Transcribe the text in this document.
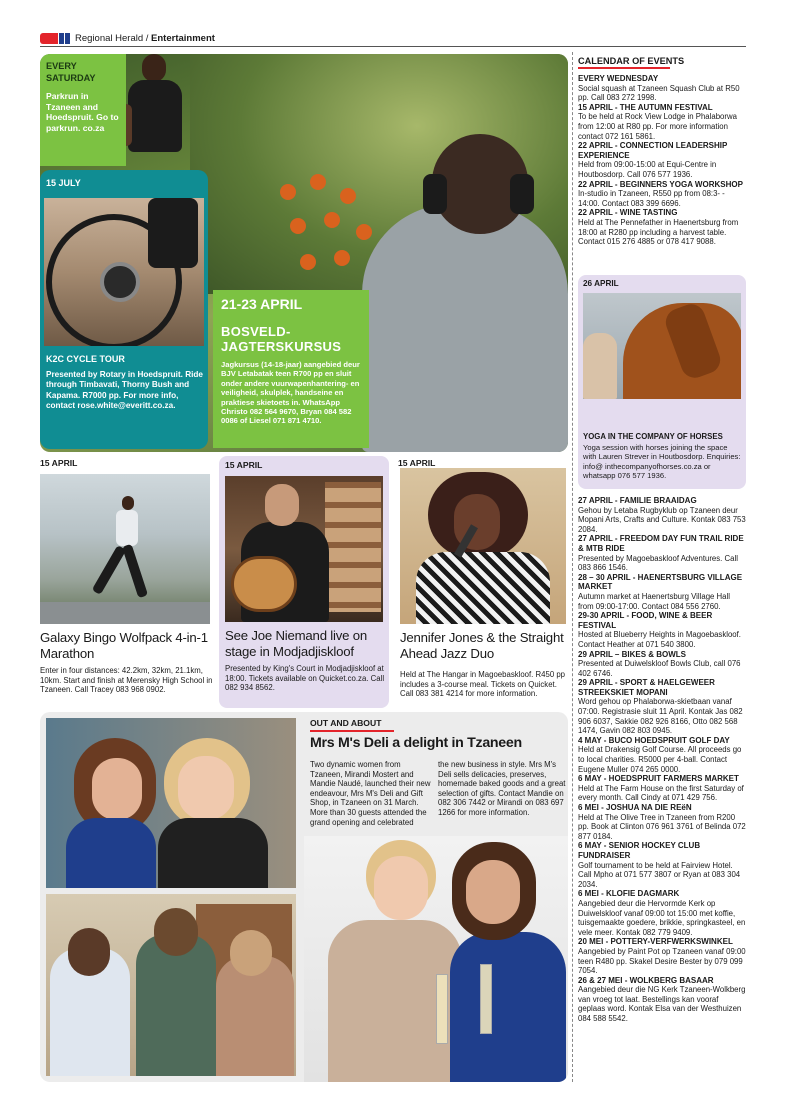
Regional Herald / Entertainment
EVERY SATURDAY
Parkrun in Tzaneen and Hoedspruit. Go to parkrun. co.za
15 JULY
K2C CYCLE TOUR
Presented by Rotary in Hoedspruit. Ride through Timbavati, Thorny Bush and Kapama. R7000 pp. For more info, contact rose.white@everitt.co.za.
21-23 APRIL
BOSVELD-JAGTERSKURSUS
Jagkursus (14-18-jaar) aangebied deur BJV Letabatak teen R700 pp en sluit onder andere vuurwapenhantering- en veiligheid, skulplek, handseine en praktiese skietoets in. WhatsApp Christo 082 564 9670, Bryan 084 582 0086 of Liesel 071 871 4710.
CALENDAR OF EVENTS
EVERY WEDNESDAY
Social squash at Tzaneen Squash Club at R50 pp. Call 083 272 1998.
15 APRIL - THE AUTUMN FESTIVAL
To be held at Rock View Lodge in Phalaborwa from 12:00 at R80 pp. For more information contact 072 161 5861.
22 APRIL - CONNECTION LEADERSHIP EXPERIENCE
Held from 09:00-15:00 at Equi-Centre in Houtbosdorp. Call 076 577 1936.
22 APRIL - BEGINNERS YOGA WORKSHOP
In-studio in Tzaneen, R550 pp from 08:3- - 14:00. Contact 083 399 6696.
22 APRIL - WINE TASTING
Held at The Pennefather in Haenertsburg from 18:00 at R280 pp including a harvest table. Contact 015 276 4885 or 078 417 9088.
26 APRIL
YOGA IN THE COMPANY OF HORSES
Yoga session with horses joining the space with Lauren Strever in Houtbosdorp. Enquiries: info@ inthecompanyofhorses.co.za or whatsapp 076 577 1936.
27 APRIL - FAMILIE BRAAIDAG
Gehou by Letaba Rugbyklub op Tzaneen deur Mopani Arts, Crafts and Culture. Kontak 083 753 2084.
27 APRIL - FREEDOM DAY FUN TRAIL RIDE & MTB RIDE
Presented by Magoebaskloof Adventures. Call 083 866 1546.
28 – 30 APRIL - HAENERTSBURG VILLAGE MARKET
Autumn market at Haenertsburg Village Hall from 09:00-17:00. Contact 084 556 2760.
29-30 APRIL - FOOD, WINE & BEER FESTIVAL
Hosted at Blueberry Heights in Magoebaskloof. Contact Heather at 071 540 3800.
29 APRIL – BIKES & BOWLS
Presented at Duiwelskloof Bowls Club, call 076 402 6746.
29 APRIL - SPORT & HAELGEWEER STREEKSKIET MOPANI
Word gehou op Phalaborwa-skietbaan vanaf 07:00. Registrasie sluit 11 April. Kontak Jas 082 906 6037, Sakkie 082 926 8166, Otto 082 568 1474, Gavin 082 803 0945.
4 MAY - BUCO HOEDSPRUIT GOLF DAY
Held at Drakensig Golf Course. All proceeds go to local charities. R5000 per 4-ball. Contact Eugene Muller 074 265 0000.
6 MAY - HOEDSPRUIT FARMERS MARKET
Held at The Farm House on the first Saturday of every month. Call Cindy at 071 429 756.
6 MEI - JOSHUA NA DIE REëN
Held at The Olive Tree in Tzaneen from R200 pp. Book at Clinton 076 961 3761 of Belinda 072 877 0184.
6 MAY - SENIOR HOCKEY CLUB FUNDRAISER
Golf tournament to be held at Fairview Hotel. Call Mpho at 071 577 3807 or Ryan at 083 304 2034.
6 MEI - KLOFIE DAGMARK
Aangebied deur die Hervormde Kerk op Duiwelskloof vanaf 09:00 tot 15:00 met koffie, tuisgemaakte goedere, brikkie, springkasteel, en vele meer. Kontak 082 779 9409.
20 MEI - POTTERY-VERFWERKSWINKEL
Aangebied by Paint Pot op Tzaneen vanaf 09:00 teen R480 pp. Skakel Desire Bester by 079 099 7054.
26 & 27 MEI - WOLKBERG BASAAR
Aangebied deur die NG Kerk Tzaneen-Wolkberg van vroeg tot laat. Bestellings kan vooraf geplaas word. Kontak Elsa van der Westhuizen 084 588 5542.
15 APRIL
Galaxy Bingo Wolfpack 4-in-1 Marathon
Enter in four distances: 42.2km, 32km, 21.1km, 10km. Start and finish at Merensky High School in Tzaneen. Call Tracey 083 968 0902.
15 APRIL
See Joe Niemand live on stage in Modjadjiskloof
Presented by King's Court in Modjadjiskloof at 18:00. Tickets available on Quicket.co.za. Call 082 934 8562.
15 APRIL
Jennifer Jones & the Straight Ahead Jazz Duo
Held at The Hangar in Magoebaskloof. R450 pp includes a 3-course meal. Tickets on Quicket. Call 083 381 4214 for more information.
OUT AND ABOUT
Mrs M's Deli a delight in Tzaneen
Two dynamic women from Tzaneen, Mirandi Mostert and Mandie Naudé, launched their new endeavour, Mrs M's Deli and Gift Shop, in Tzaneen on 31 March. More than 30 guests attended the grand opening and celebrated
the new business in style. Mrs M's Deli sells delicacies, preserves, homemade baked goods and a great selection of gifts. Contact Mandie on 082 306 7442 or Mirandi on 083 697 1266 for more information.
